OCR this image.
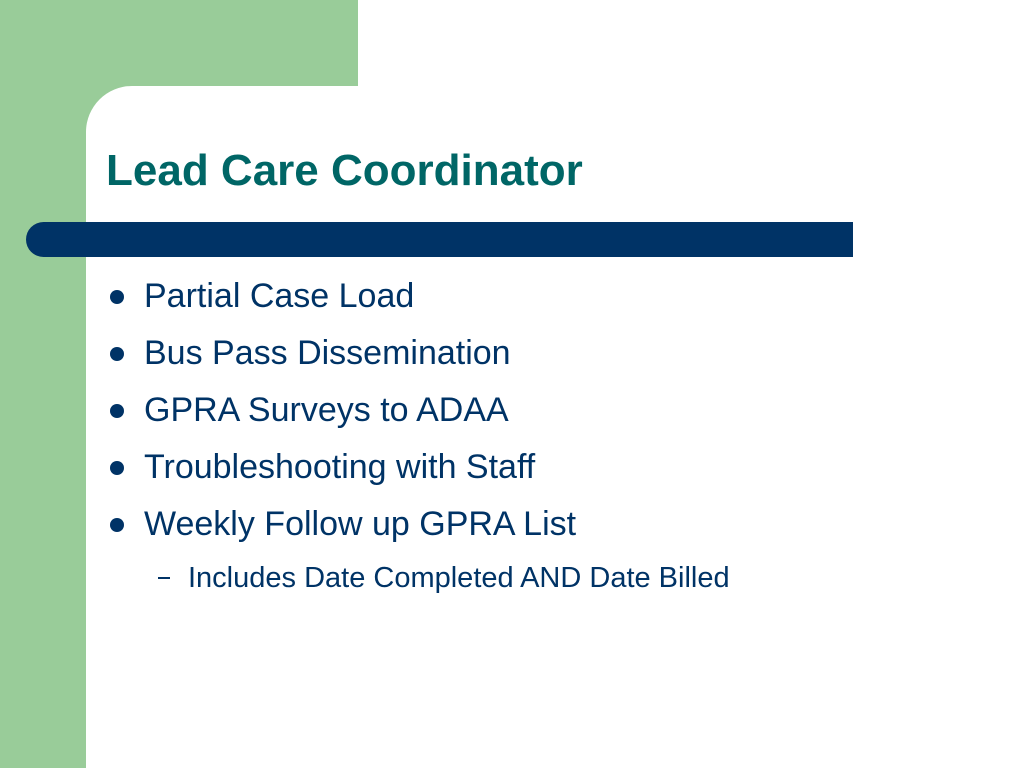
Lead Care Coordinator
Partial Case Load
Bus Pass Dissemination
GPRA Surveys to ADAA
Troubleshooting with Staff
Weekly Follow up GPRA List
Includes Date Completed AND Date Billed
